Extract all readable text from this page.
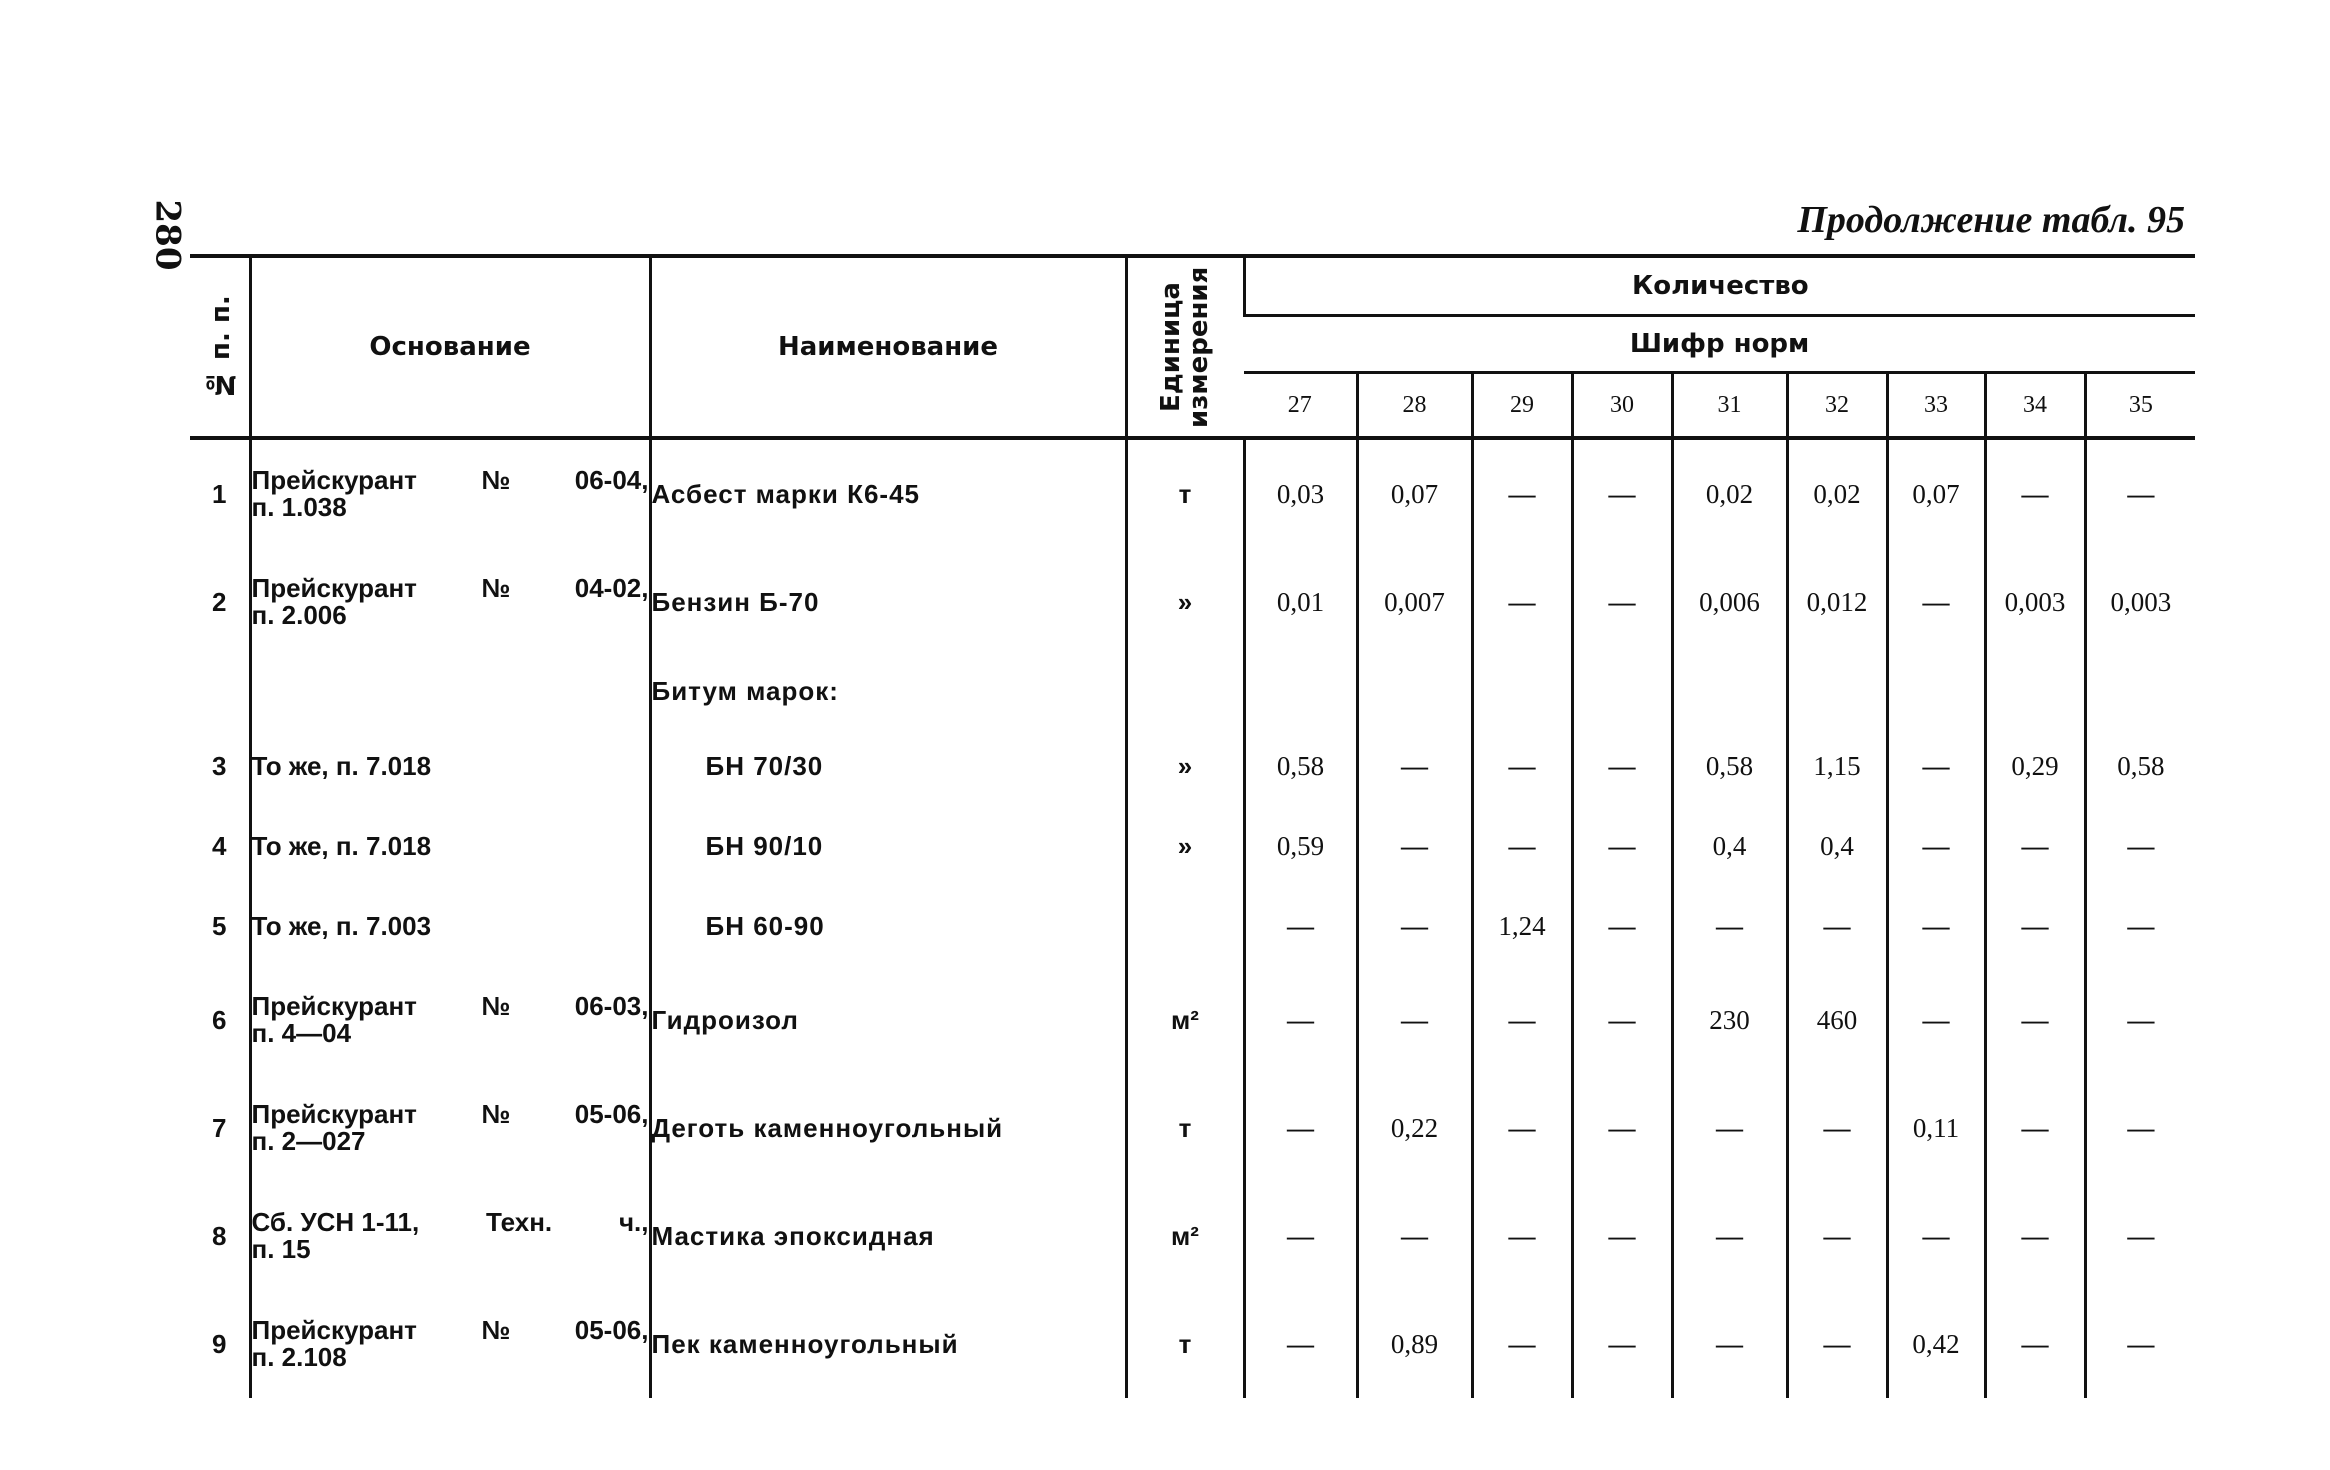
280	Продолжение табл. 95
№ п. п.	Основание	Наименование	Единица измерения	Количество								
				Шифр норм								
				27	28	29	30	31	32	33	34	35
1	Прейскурант № 06-04,
п. 1.038	Асбест марки К6-45	т	0,03	0,07	—	—	0,02	0,02	0,07	—	—
2	Прейскурант № 04-02,
п. 2.006	Бензин Б-70	»	0,01	0,007	—	—	0,006	0,012	—	0,003	0,003
		Битум марок:										
3	То же, п. 7.018	БН 70/30	»	0,58	—	—	—	0,58	1,15	—	0,29	0,58
4	То же, п. 7.018	БН 90/10	»	0,59	—	—	—	0,4	0,4	—	—	—
5	То же, п. 7.003	БН 60-90		—	—	1,24	—	—	—	—	—	—
6	Прейскурант № 06-03,
п. 4—04	Гидроизол	м²	—	—	—	—	230	460	—	—	—
7	Прейскурант № 05-06,
п. 2—027	Деготь каменноугольный	т	—	0,22	—	—	—	—	0,11	—	—
8	Сб. УСН 1-11, Техн. ч.,
п. 15	Мастика эпоксидная	м²	—	—	—	—	—	—	—	—	—
9	Прейскурант № 05-06,
п. 2.108	Пек каменноугольный	т	—	0,89	—	—	—	—	0,42	—	—
